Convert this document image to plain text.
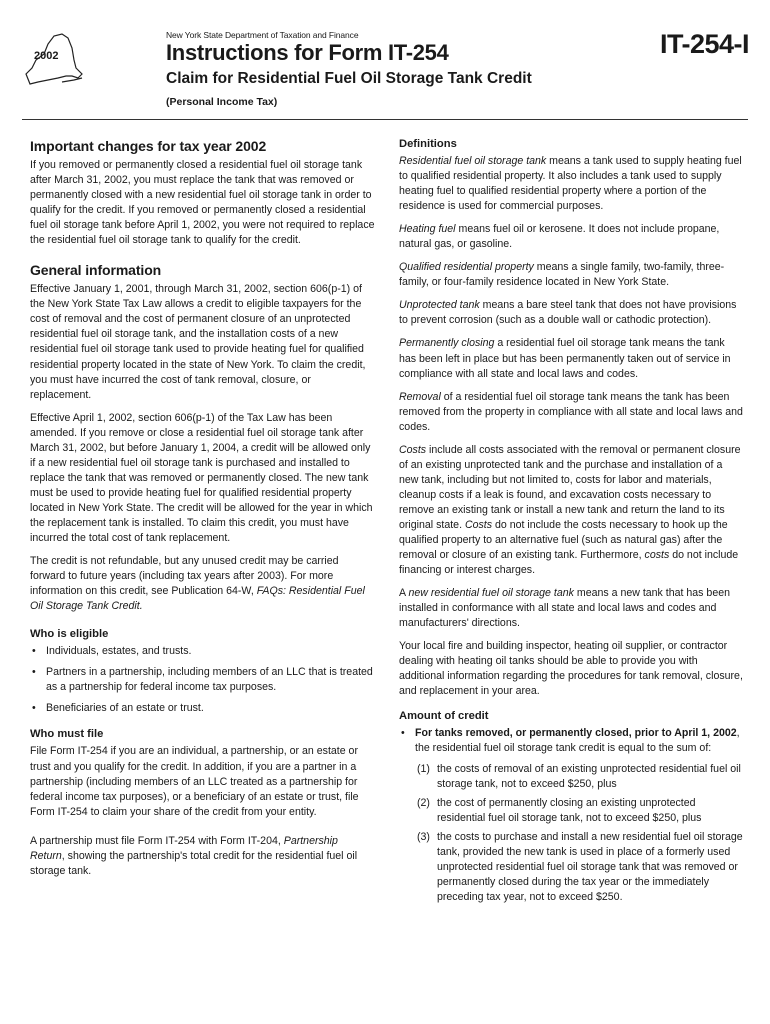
2002
New York State Department of Taxation and Finance
Instructions for Form IT-254	IT-254-I
Claim for Residential Fuel Oil Storage Tank Credit
(Personal Income Tax)
Important changes for tax year 2002

If you removed or permanently closed a residential fuel oil storage tank after March 31, 2002, you must replace the tank that was removed or permanently closed with a new residential fuel oil storage tank in order to qualify for the credit. If you removed or permanently closed a residential fuel oil storage tank before April 1, 2002, you were not required to replace the residential fuel oil storage tank to qualify for the credit.

General information

Effective January 1, 2001, through March 31, 2002, section 606(p-1) of the New York State Tax Law allows a credit to eligible taxpayers for the cost of removal and the cost of permanent closure of an unprotected residential fuel oil storage tank, and the installation costs of a new residential fuel oil storage tank used to provide heating fuel for qualified residential property located in the state of New York. To claim the credit, you must have incurred the cost of tank removal, closure, or replacement.

Effective April 1, 2002, section 606(p-1) of the Tax Law has been amended. If you remove or close a residential fuel oil storage tank after March 31, 2002, but before January 1, 2004, a credit will be allowed only if a new residential fuel oil storage tank is purchased and installed to replace the tank that was removed or permanently closed. The new tank must be used to provide heating fuel for qualified residential property located in New York State. The credit will be allowed for the year in which the replacement tank is installed. To claim this credit, you must have incurred the total cost of tank replacement.

The credit is not refundable, but any unused credit may be carried forward to future years (including tax years after 2003). For more information on this credit, see Publication 64-W, FAQs: Residential Fuel Oil Storage Tank Credit.

Who is eligible
• Individuals, estates, and trusts.
• Partners in a partnership, including members of an LLC that is treated as a partnership for federal income tax purposes.
• Beneficiaries of an estate or trust.
Who must file

File Form IT-254 if you are an individual, a partnership, or an estate or trust and you qualify for the credit. In addition, if you are a partner in a partnership (including members of an LLC treated as a partnership for federal income tax purposes), or a beneficiary of an estate or trust, file Form IT-254 to claim your share of the credit from your entity.

A partnership must file Form IT-254 with Form IT-204, Partnership Return, showing the partnership's total credit for the residential fuel oil storage tank.

Definitions

Residential fuel oil storage tank means a tank used to supply heating fuel to qualified residential property. It also includes a tank used to supply heating fuel to qualified residential property where a portion of the residence is used for commercial purposes.

Heating fuel means fuel oil or kerosene. It does not include propane, natural gas, or gasoline.

Qualified residential property means a single family, two-family, three-family, or four-family residence located in New York State.

Unprotected tank means a bare steel tank that does not have provisions to prevent corrosion (such as a double wall or cathodic protection).

Permanently closing a residential fuel oil storage tank means the tank has been left in place but has been permanently taken out of service in compliance with all state and local laws and codes.

Removal of a residential fuel oil storage tank means the tank has been removed from the property in compliance with all state and local laws and codes.

Costs include all costs associated with the removal or permanent closure of an existing unprotected tank and the purchase and installation of a new tank, including but not limited to, costs for labor and materials, cleanup costs if a leak is found, and excavation costs necessary to remove an existing tank or install a new tank and return the land to its original state. Costs do not include the costs necessary to hook up the qualified property to an alternative fuel (such as natural gas) after the removal or closure of an existing tank. Furthermore, costs do not include financing or interest charges.

A new residential fuel oil storage tank means a new tank that has been installed in conformance with all state and local laws and codes and manufacturers' directions.

Your local fire and building inspector, heating oil supplier, or contractor dealing with heating oil tanks should be able to provide you with additional information regarding the procedures for tank removal, closure, and replacement in your area.

Amount of credit
• For tanks removed, or permanently closed, prior to April 1, 2002, the residential fuel oil storage tank credit is equal to the sum of:
(1) the costs of removal of an existing unprotected residential fuel oil storage tank, not to exceed $250, plus
(2) the cost of permanently closing an existing unprotected residential fuel oil storage tank, not to exceed $250, plus
(3) the costs to purchase and install a new residential fuel oil storage tank, provided the new tank is used in place of a formerly used unprotected residential fuel oil storage tank that was removed or permanently closed during the tax year or the immediately preceding tax year, not to exceed $250.
